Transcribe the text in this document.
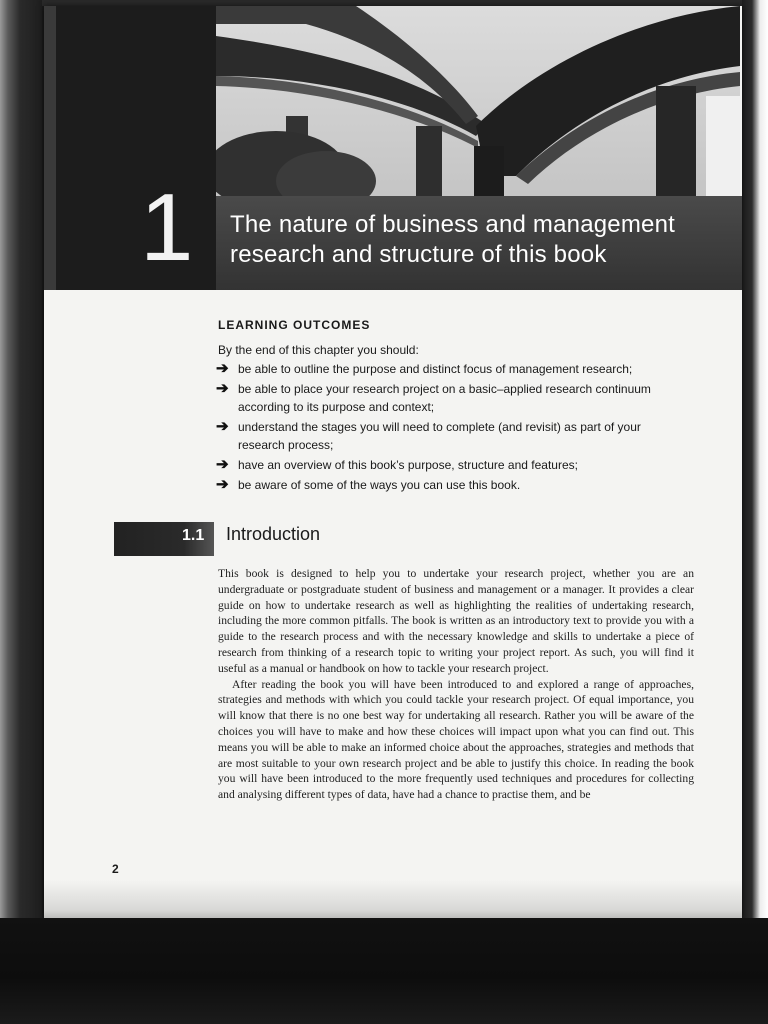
1	The nature of business and management
research and structure of this book
LEARNING OUTCOMES
By the end of this chapter you should:
➔ be able to outline the purpose and distinct focus of management research;
➔ be able to place your research project on a basic–applied research continuum according to its purpose and context;
➔ understand the stages you will need to complete (and revisit) as part of your research process;
➔ have an overview of this book’s purpose, structure and features;
➔ be aware of some of the ways you can use this book.
1.1 Introduction

This book is designed to help you to undertake your research project, whether you are an undergraduate or postgraduate student of business and management or a manager. It provides a clear guide on how to undertake research as well as highlighting the realities of undertaking research, including the more common pitfalls. The book is written as an introductory text to provide you with a guide to the research process and with the necessary knowledge and skills to undertake a piece of research from thinking of a research topic to writing your project report. As such, you will find it useful as a manual or handbook on how to tackle your research project.

After reading the book you will have been introduced to and explored a range of approaches, strategies and methods with which you could tackle your research project. Of equal importance, you will know that there is no one best way for undertaking all research. Rather you will be aware of the choices you will have to make and how these choices will impact upon what you can find out. This means you will be able to make an informed choice about the approaches, strategies and methods that are most suitable to your own research project and be able to justify this choice. In reading the book you will have been introduced to the more frequently used techniques and procedures for collecting and analysing different types of data, have had a chance to practise them, and be

2
